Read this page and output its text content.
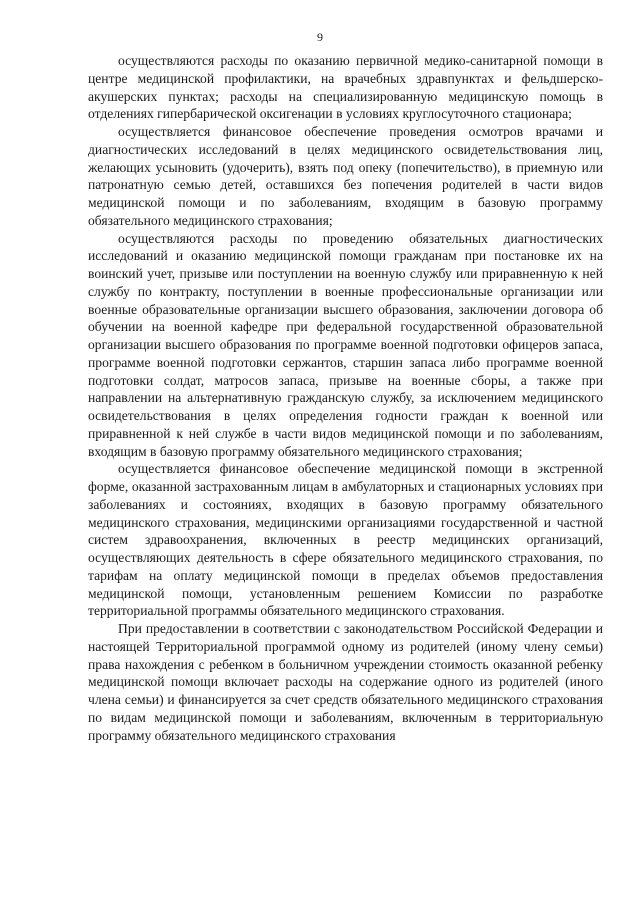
9

осуществляются расходы по оказанию первичной медико-санитарной помощи в центре медицинской профилактики, на врачебных здравпунктах и фельдшерско-акушерских пунктах; расходы на специализированную медицинскую помощь в отделениях гипербарической оксигенации в условиях круглосуточного стационара;

осуществляется финансовое обеспечение проведения осмотров врачами и диагностических исследований в целях медицинского освидетельствования лиц, желающих усыновить (удочерить), взять под опеку (попечительство), в приемную или патронатную семью детей, оставшихся без попечения родителей в части видов медицинской помощи и по заболеваниям, входящим в базовую программу обязательного медицинского страхования;

осуществляются расходы по проведению обязательных диагностических исследований и оказанию медицинской помощи гражданам при постановке их на воинский учет, призыве или поступлении на военную службу или приравненную к ней службу по контракту, поступлении в военные профессиональные организации или военные образовательные организации высшего образования, заключении договора об обучении на военной кафедре при федеральной государственной образовательной организации высшего образования по программе военной подготовки офицеров запаса, программе военной подготовки сержантов, старшин запаса либо программе военной подготовки солдат, матросов запаса, призыве на военные сборы, а также при направлении на альтернативную гражданскую службу, за исключением медицинского освидетельствования в целях определения годности граждан к военной или приравненной к ней службе в части видов медицинской помощи и по заболеваниям, входящим в базовую программу обязательного медицинского страхования;

осуществляется финансовое обеспечение медицинской помощи в экстренной форме, оказанной застрахованным лицам в амбулаторных и стационарных условиях при заболеваниях и состояниях, входящих в базовую программу обязательного медицинского страхования, медицинскими организациями государственной и частной систем здравоохранения, включенных в реестр медицинских организаций, осуществляющих деятельность в сфере обязательного медицинского страхования, по тарифам на оплату медицинской помощи в пределах объемов предоставления медицинской помощи, установленным решением Комиссии по разработке территориальной программы обязательного медицинского страхования.

При предоставлении в соответствии с законодательством Российской Федерации и настоящей Территориальной программой одному из родителей (иному члену семьи) права нахождения с ребенком в больничном учреждении стоимость оказанной ребенку медицинской помощи включает расходы на содержание одного из родителей (иного члена семьи) и финансируется за счет средств обязательного медицинского страхования по видам медицинской помощи и заболеваниям, включенным в территориальную программу обязательного медицинского страхования
